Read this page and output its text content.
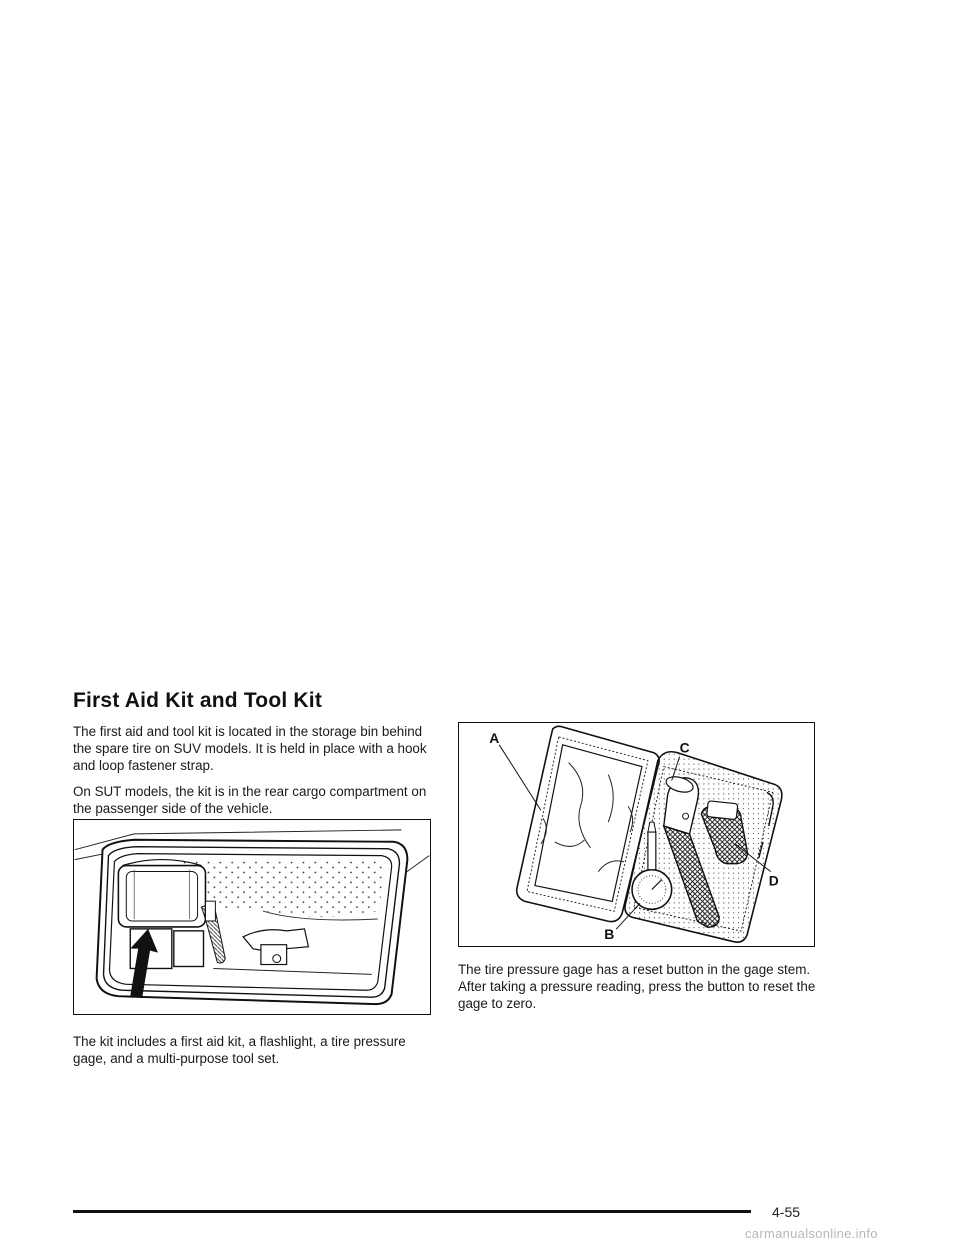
First Aid Kit and Tool Kit

The first aid and tool kit is located in the storage bin behind the spare tire on SUV models. It is held in place with a hook and loop fastener strap.

On SUT models, the kit is in the rear cargo compartment on the passenger side of the vehicle.

The kit includes a first aid kit, a flashlight, a tire pressure gage, and a multi-purpose tool set.

A
C
D
B

The tire pressure gage has a reset button in the gage stem. After taking a pressure reading, press the button to reset the gage to zero.

4-55
carmanualsonline.info
